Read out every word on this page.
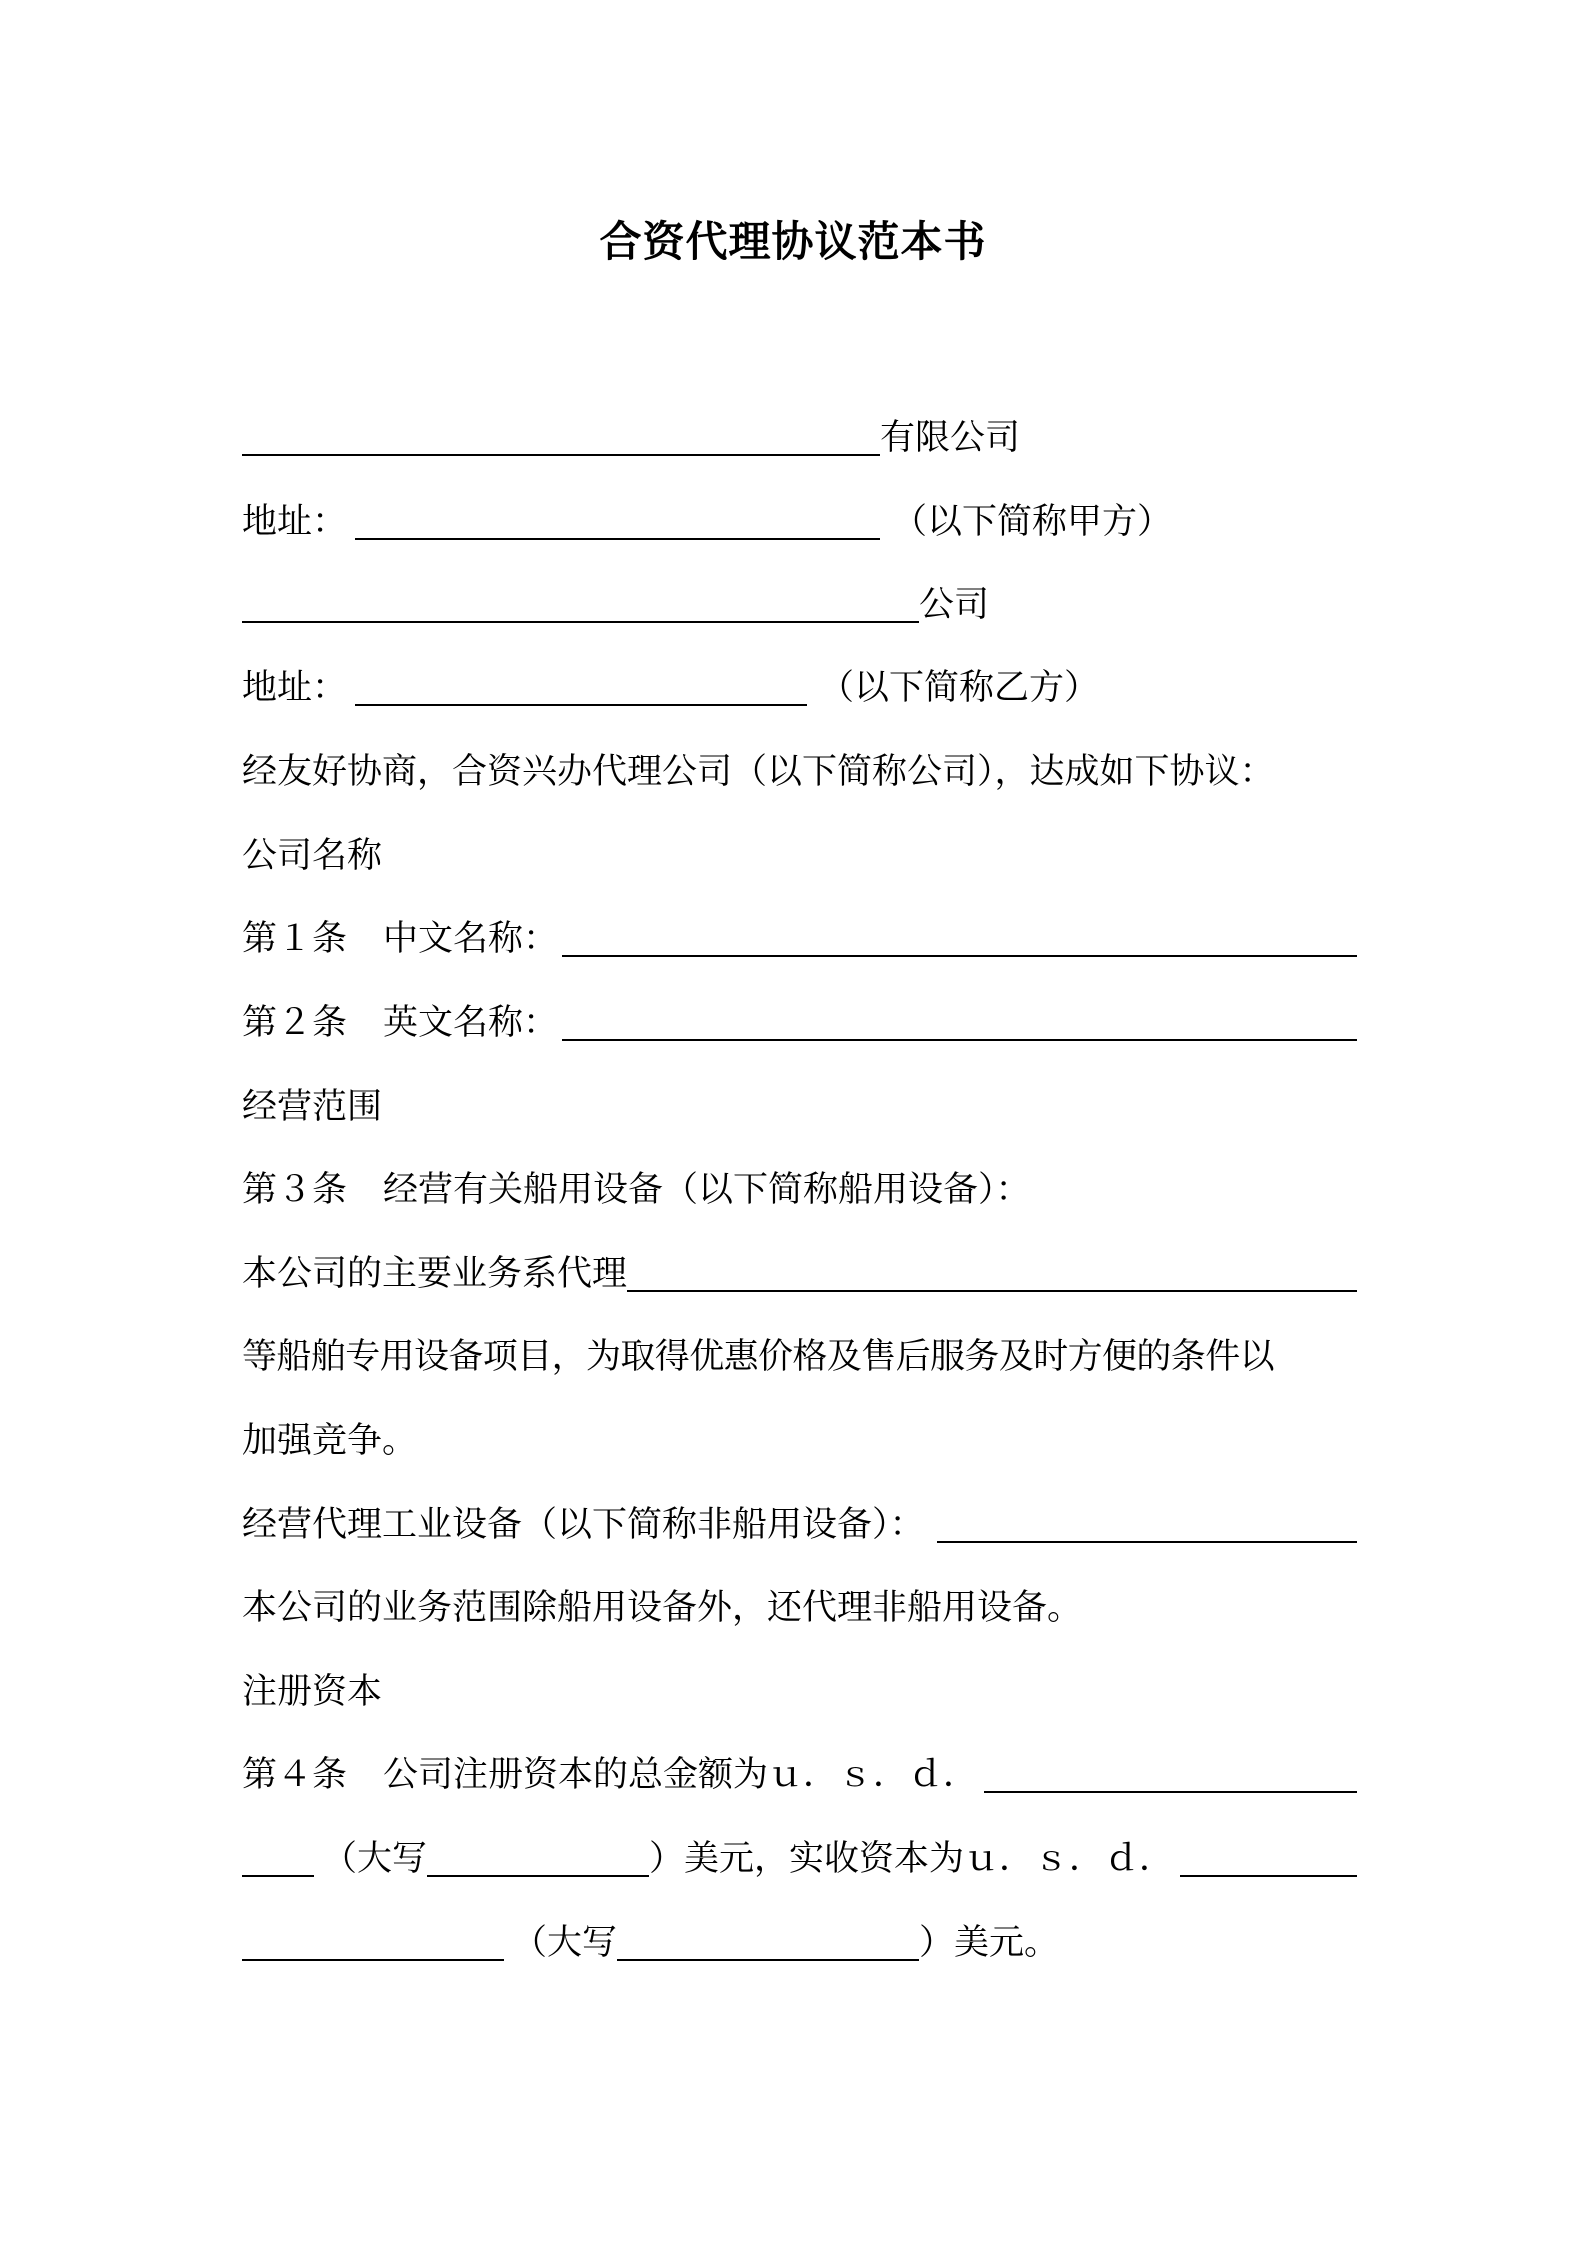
合资代理协议范本书
有限公司
地址：	（以下简称甲方）
公司
地址：	（以下简称乙方）
经友好协商，合资兴办代理公司（以下简称公司），达成如下协议：
公司名称
第１条 中文名称：
第２条 英文名称：
经营范围
第３条 经营有关船用设备（以下简称船用设备）：
本公司的主要业务系代理
等船舶专用设备项目，为取得优惠价格及售后服务及时方便的条件以
加强竞争。
经营代理工业设备（以下简称非船用设备）：
本公司的业务范围除船用设备外，还代理非船用设备。
注册资本
第４条 公司注册资本的总金额为ｕ．ｓ．ｄ．
（大写	）美元，实收资本为ｕ．ｓ．ｄ．
（大写	）美元。
